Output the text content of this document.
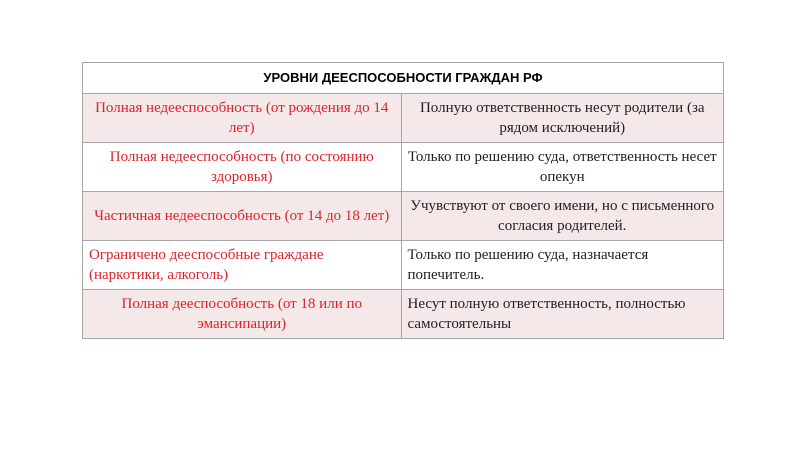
УРОВНИ ДЕЕСПОСОБНОСТИ ГРАЖДАН РФ	
Полная недееспособность (от рождения до 14 лет)	Полную ответственность несут родители (за рядом исключений)
Полная недееспособность (по состоянию здоровья)	Только по решению суда, ответственность несет опекун
Частичная недееспособность (от 14 до 18 лет)	Учувствуют от своего имени, но с письменного согласия родителей.
Ограничено дееспособные граждане (наркотики, алкоголь)	Только по решению суда, назначается попечитель.
Полная дееспособность (от 18 или по эмансипации)	Несут полную ответственность, полностью самостоятельны
